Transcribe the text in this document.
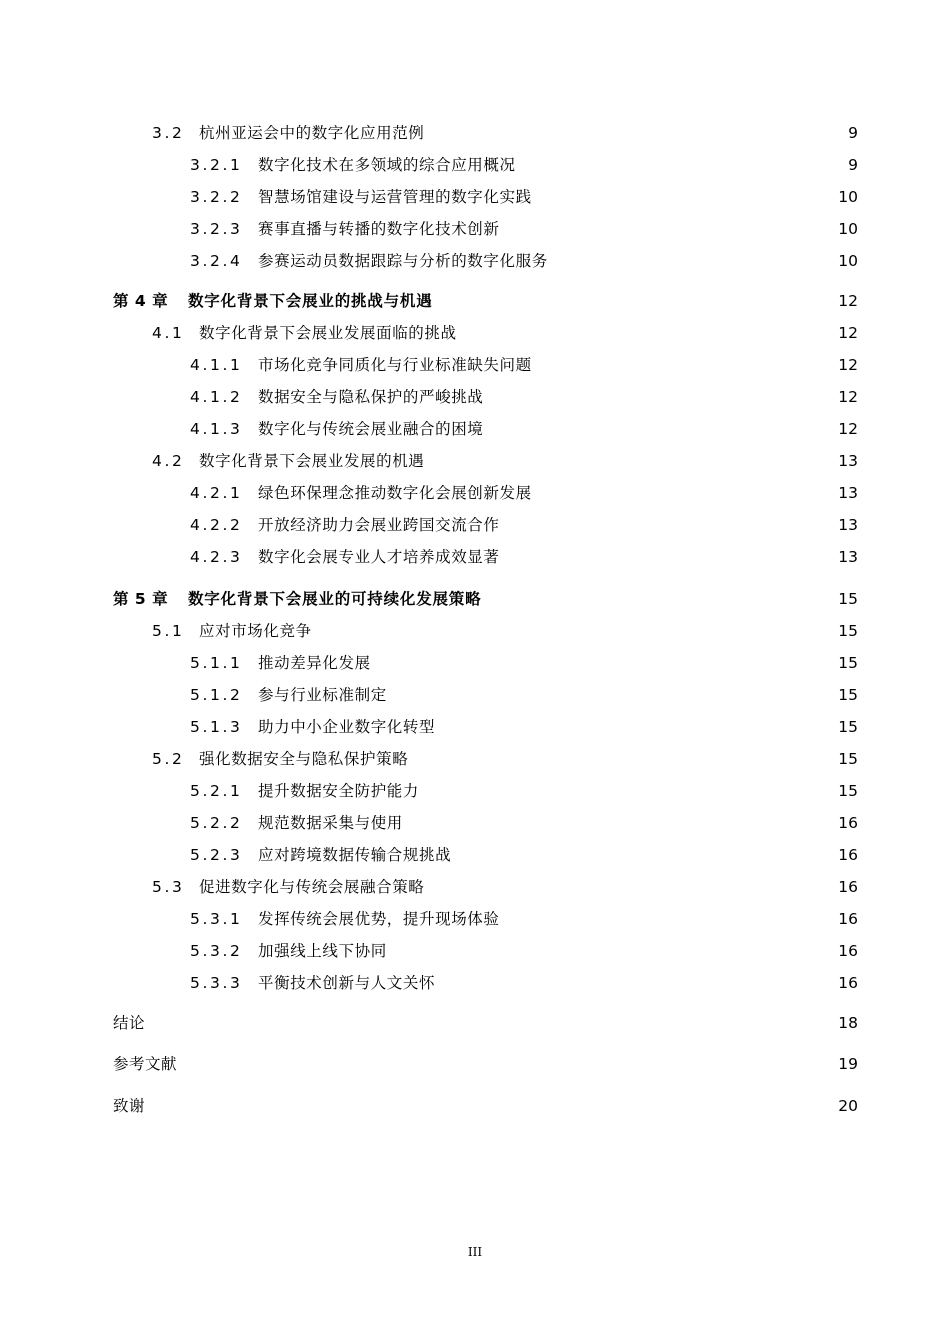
3.2 杭州亚运会中的数字化应用范例	9
3.2.1 数字化技术在多领域的综合应用概况	9
3.2.2 智慧场馆建设与运营管理的数字化实践	10
3.2.3 赛事直播与转播的数字化技术创新	10
3.2.4 参赛运动员数据跟踪与分析的数字化服务	10
第 4 章 数字化背景下会展业的挑战与机遇	12
4.1 数字化背景下会展业发展面临的挑战	12
4.1.1 市场化竞争同质化与行业标准缺失问题	12
4.1.2 数据安全与隐私保护的严峻挑战	12
4.1.3 数字化与传统会展业融合的困境	12
4.2 数字化背景下会展业发展的机遇	13
4.2.1 绿色环保理念推动数字化会展创新发展	13
4.2.2 开放经济助力会展业跨国交流合作	13
4.2.3 数字化会展专业人才培养成效显著	13
第 5 章 数字化背景下会展业的可持续化发展策略	15
5.1 应对市场化竞争	15
5.1.1 推动差异化发展	15
5.1.2 参与行业标准制定	15
5.1.3 助力中小企业数字化转型	15
5.2 强化数据安全与隐私保护策略	15
5.2.1 提升数据安全防护能力	15
5.2.2 规范数据采集与使用	16
5.2.3 应对跨境数据传输合规挑战	16
5.3 促进数字化与传统会展融合策略	16
5.3.1 发挥传统会展优势，提升现场体验	16
5.3.2 加强线上线下协同	16
5.3.3 平衡技术创新与人文关怀	16
结论	18
参考文献	19
致谢	20
III
